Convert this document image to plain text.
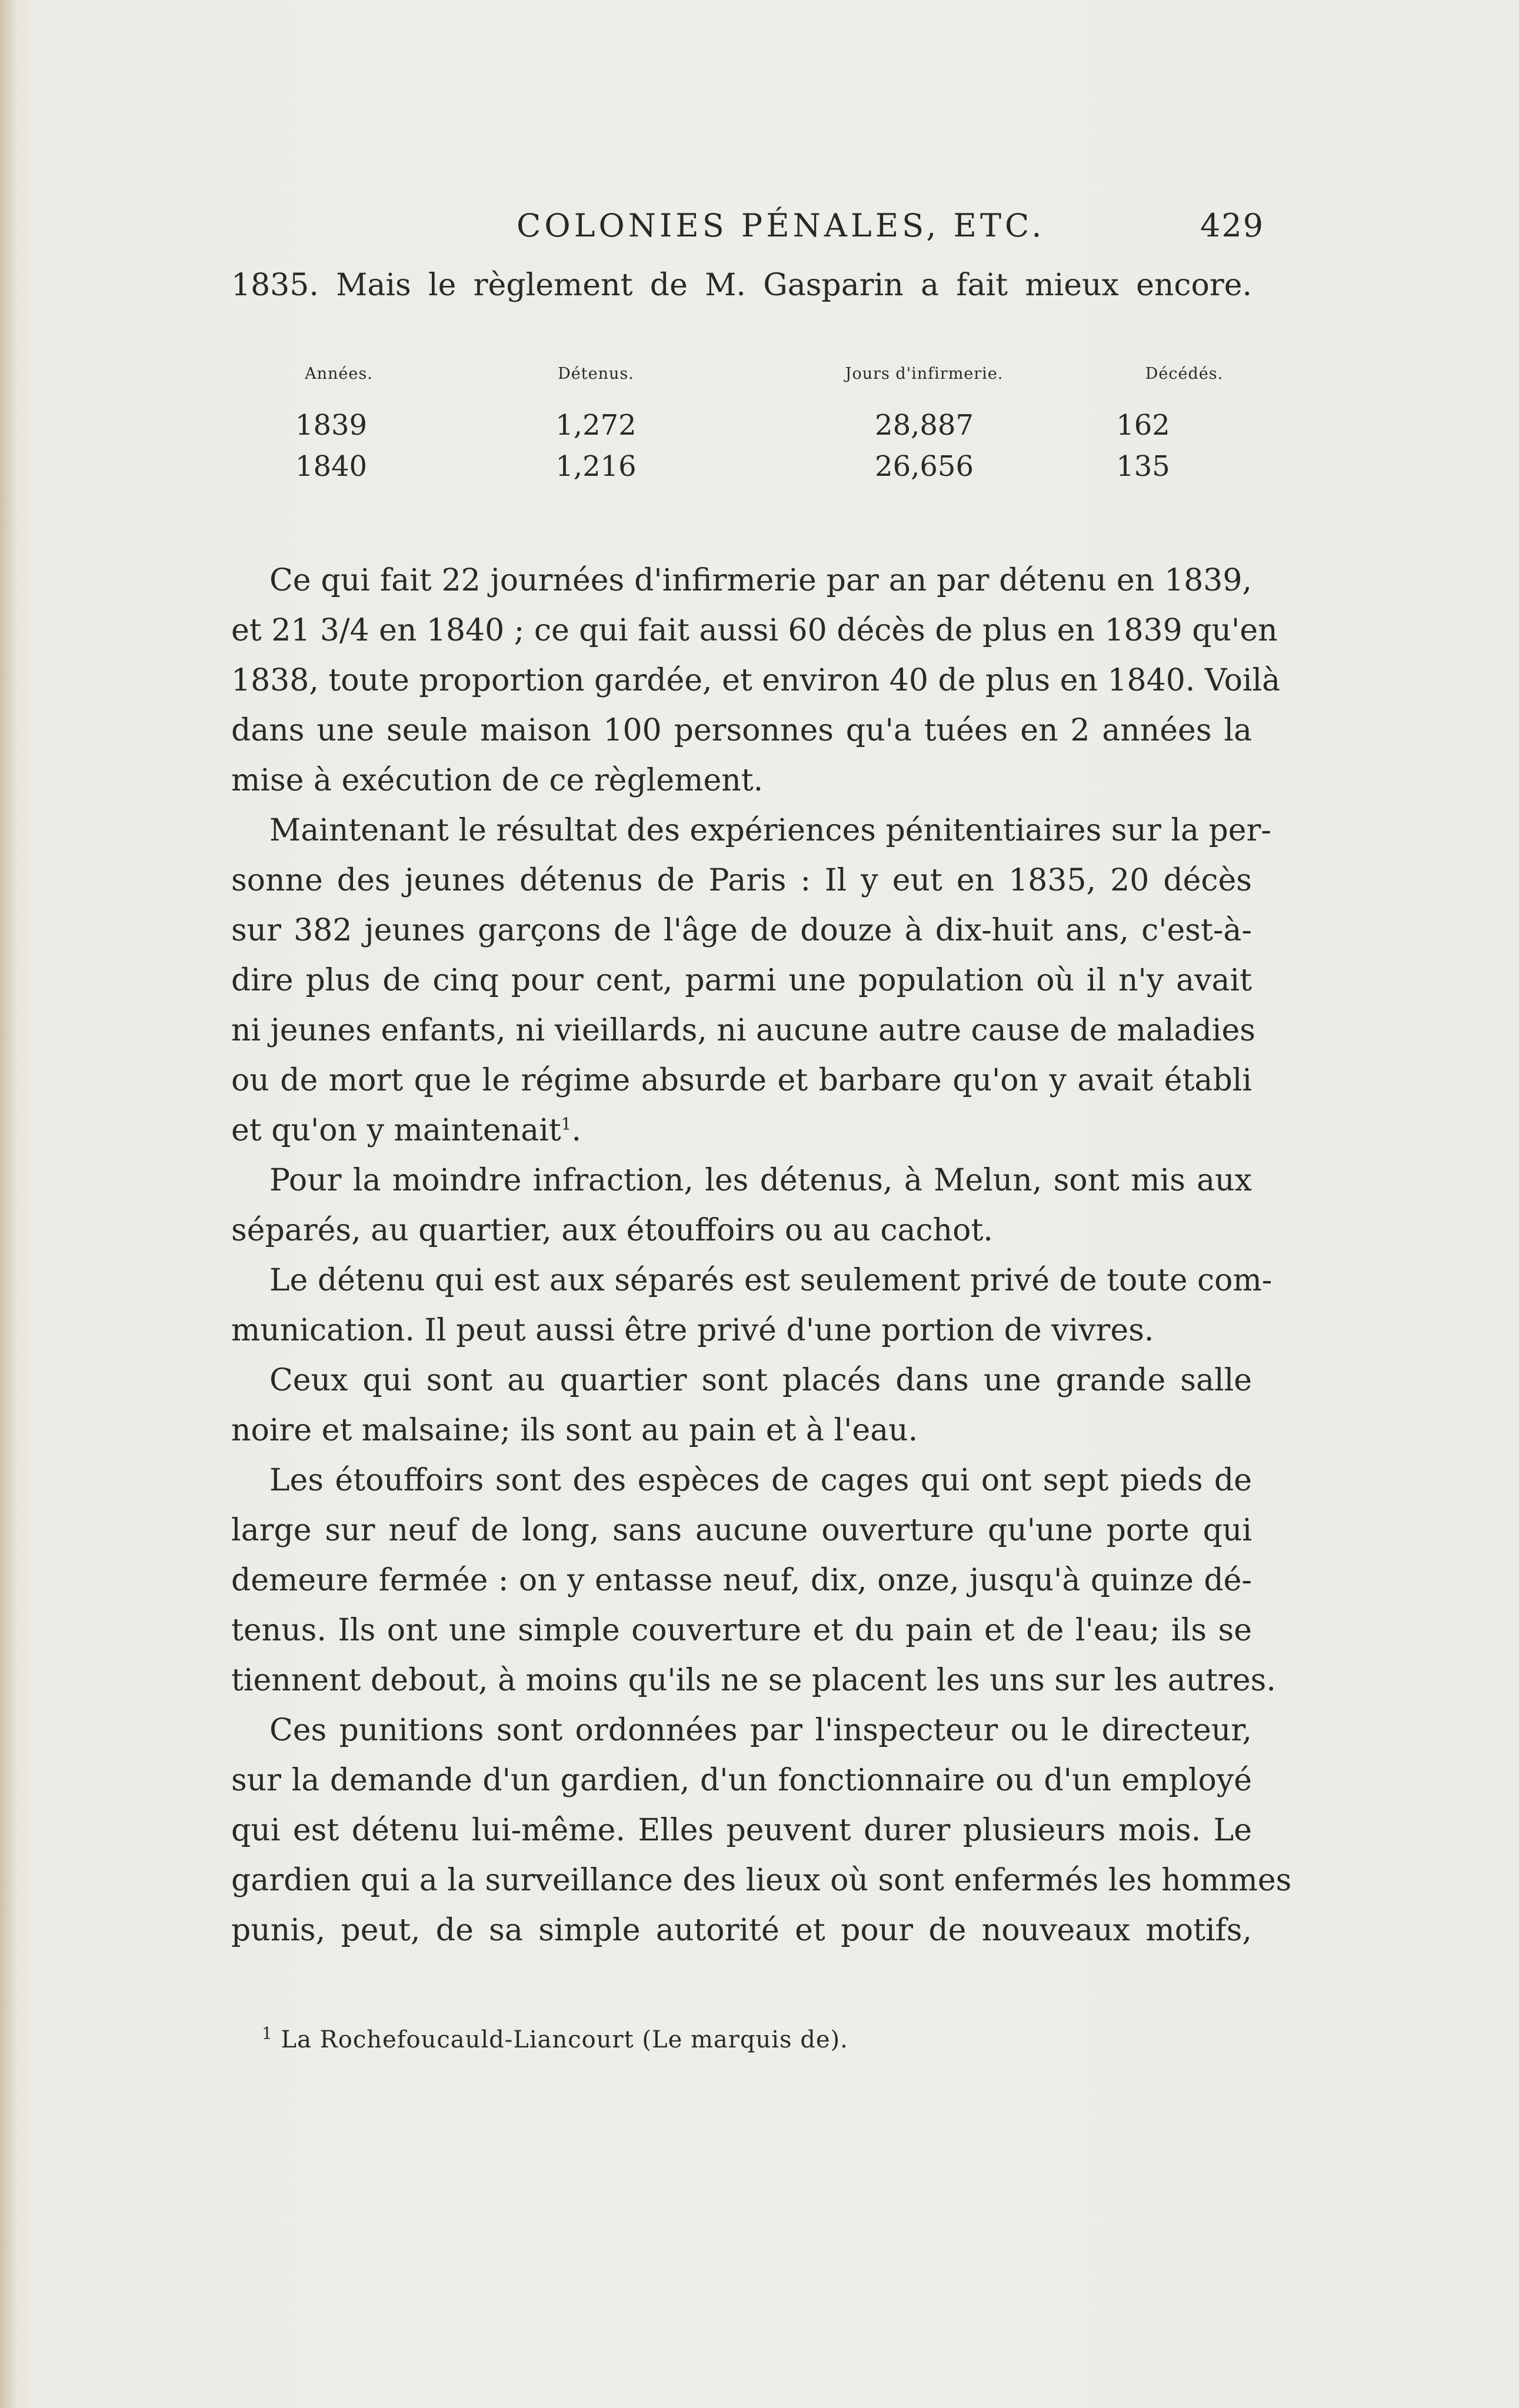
COLONIES PÉNALES, ETC.	429
1835. Mais le règlement de M. Gasparin a fait mieux encore.
Années.	Détenus.	Jours d'infirmerie.	Décédés.
1839	1,272	28,887	162
1840	1,216	26,656	135
Ce qui fait 22 journées d'infirmerie par an par détenu en 1839,
et 21 3/4 en 1840 ; ce qui fait aussi 60 décès de plus en 1839 qu'en
1838, toute proportion gardée, et environ 40 de plus en 1840. Voilà
dans une seule maison 100 personnes qu'a tuées en 2 années la
mise à exécution de ce règlement.
Maintenant le résultat des expériences pénitentiaires sur la per-
sonne des jeunes détenus de Paris : Il y eut en 1835, 20 décès
sur 382 jeunes garçons de l'âge de douze à dix-huit ans, c'est-à-
dire plus de cinq pour cent, parmi une population où il n'y avait
ni jeunes enfants, ni vieillards, ni aucune autre cause de maladies
ou de mort que le régime absurde et barbare qu'on y avait établi
et qu'on y maintenait$^1$.
Pour la moindre infraction, les détenus, à Melun, sont mis aux
séparés, au quartier, aux étouffoirs ou au cachot.
Le détenu qui est aux séparés est seulement privé de toute com-
munication. Il peut aussi être privé d'une portion de vivres.
Ceux qui sont au quartier sont placés dans une grande salle
noire et malsaine; ils sont au pain et à l'eau.
Les étouffoirs sont des espèces de cages qui ont sept pieds de
large sur neuf de long, sans aucune ouverture qu'une porte qui
demeure fermée : on y entasse neuf, dix, onze, jusqu'à quinze dé-
tenus. Ils ont une simple couverture et du pain et de l'eau; ils se
tiennent debout, à moins qu'ils ne se placent les uns sur les autres.
Ces punitions sont ordonnées par l'inspecteur ou le directeur,
sur la demande d'un gardien, d'un fonctionnaire ou d'un employé
qui est détenu lui-même. Elles peuvent durer plusieurs mois. Le
gardien qui a la surveillance des lieux où sont enfermés les hommes
punis, peut, de sa simple autorité et pour de nouveaux motifs,
$^1$ La Rochefoucauld-Liancourt (Le marquis de).
